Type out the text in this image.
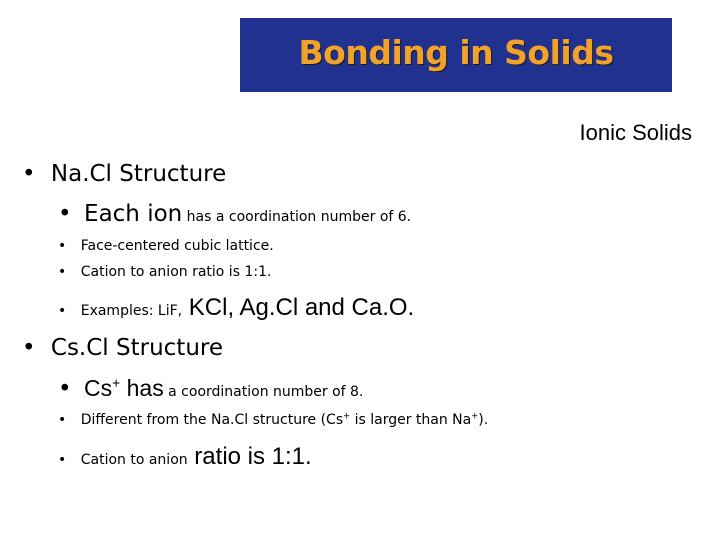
Bonding in Solids
Ionic Solids
• Na.Cl Structure
• Each ion has a coordination number of 6.
• Face-centered cubic lattice.
• Cation to anion ratio is 1:1.
• Examples: LiF, KCl, Ag.Cl and Ca.O.
• Cs.Cl Structure
• Cs+ has a coordination number of 8.
• Different from the Na.Cl structure (Cs+ is larger than Na+).
• Cation to anion ratio is 1:1.
